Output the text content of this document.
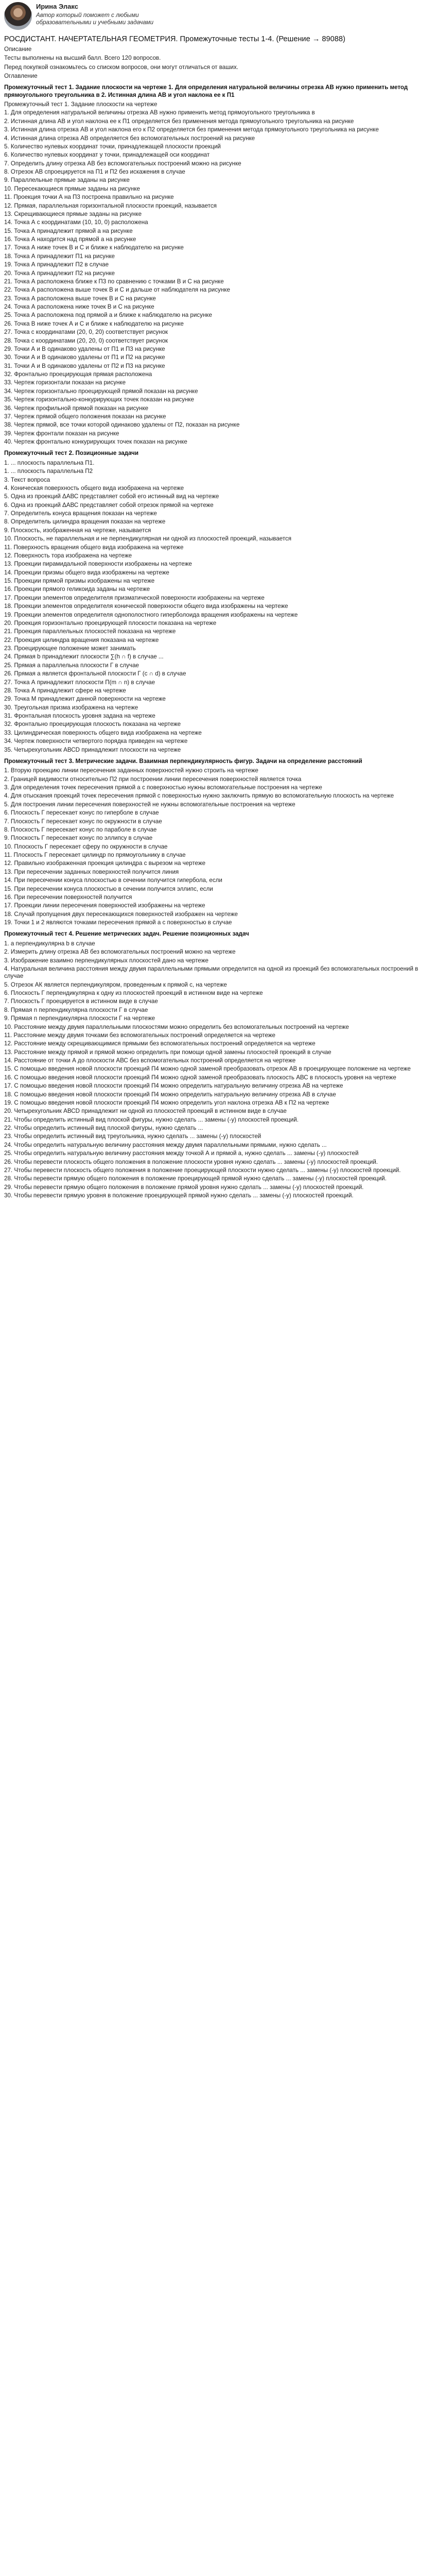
Ирина Элакс
Автор который поможет с любыми образовательными и учебными задачами
РОСДИСТАНТ. НАЧЕРТАТЕЛЬНАЯ ГЕОМЕТРИЯ. Промежуточные тесты 1-4. (Решение → 89088)
Описание
Тесты выполнены на высший балл. Всего 120 вопросов.
Перед покупкой ознакомьтесь со списком вопросов, они могут отличаться от ваших.
Оглавление
Промежуточный тест 1. Задание плоскости на чертеже 1. Для определения натуральной величины отрезка АВ нужно применить метод прямоугольного треугольника в 2. Истинная длина АВ и угол наклона ее к П1
Промежуточный тест 1. Задание плоскости на чертеже
1. Для определения натуральной величины отрезка АВ нужно применить метод прямоугольного треугольника в
2. Истинная длина АВ и угол наклона ее к П1 определяется без применения метода прямоугольного треугольника на рисунке
3. Истинная длина отрезка АВ и угол наклона его к П2 определяется без применения метода прямоугольного треугольника на рисунке
4. Истинная длина отрезка АВ определяется без вспомогательных построений на рисунке
5. Количество нулевых координат точки, принадлежащей плоскости проекций
6. Количество нулевых координат у точки, принадлежащей оси координат
7. Определить длину отрезка АВ без вспомогательных построений можно на рисунке
8. Отрезок АВ спроецируется на П1 и П2 без искажения в случае
9. Параллельные прямые заданы на рисунке
10. Пересекающиеся прямые заданы на рисунке
11. Проекция точки А на П3 построена правильно на рисунке
12. Прямая, параллельная горизонтальной плоскости проекций, называется
13. Скрещивающиеся прямые заданы на рисунке
14. Точка А с координатами (10, 10, 0) расположена
15. Точка А принадлежит прямой а на рисунке
16. Точка А находится над прямой а на рисунке
17. Точка А ниже точек В и С и ближе к наблюдателю на рисунке
18. Точка А принадлежит П1 на рисунке
19. Точка А принадлежит П2 в случае
20. Точка А принадлежит П2 на рисунке
21. Точка А расположена ближе к П3 по сравнению с точками В и С на рисунке
22. Точка А расположена выше точек В и С и дальше от наблюдателя на рисунке
23. Точка А расположена выше точек В и С на рисунке
24. Точка А расположена ниже точек В и С на рисунке
25. Точка А расположена под прямой а и ближе к наблюдателю на рисунке
26. Точка В ниже точек А и С и ближе к наблюдателю на рисунке
27. Точка с координатами (20, 0, 20) соответствует рисунок
28. Точка с координатами (20, 20, 0) соответствует рисунок
29. Точки А и В одинаково удалены от П1 и П3 на рисунке
30. Точки А и В одинаково удалены от П1 и П2 на рисунке
31. Точки А и В одинаково удалены от П2 и П3 на рисунке
32. Фронтально проецирующая прямая расположена
33. Чертеж горизонтали показан на рисунке
34. Чертеж горизонтально проецирующей прямой показан на рисунке
35. Чертеж горизонтально-конкурирующих точек показан на рисунке
36. Чертеж профильной прямой показан на рисунке
37. Чертеж прямой общего положения показан на рисунке
38. Чертеж прямой, все точки которой одинаково удалены от П2, показан на рисунке
39. Чертеж фронтали показан на рисунке
40. Чертеж фронтально конкурирующих точек показан на рисунке
Промежуточный тест 2. Позиционные задачи
1. ... плоскость параллельна П1.
1. ... плоскость параллельна П2
3. Текст вопроса
4. Коническая поверхность общего вида изображена на чертеже
5. Одна из проекций ΔАВС представляет собой его истинный вид на чертеже
6. Одна из проекций ΔАВС представляет собой отрезок прямой на чертеже
7. Определитель конуса вращения показан на чертеже
8. Определитель цилиндра вращения показан на чертеже
9. Плоскость, изображенная на чертеже, называется
10. Плоскость, не параллельная и не перпендикулярная ни одной из плоскостей проекций, называется
11. Поверхность вращения общего вида изображена на чертеже
12. Поверхность тора изображена на чертеже
13. Проекции пирамидальной поверхности изображены на чертеже
14. Проекции призмы общего вида изображены на чертеже
15. Проекции прямой призмы изображены на чертеже
16. Проекции прямого геликоида заданы на чертеже
17. Проекции элементов определителя призматической поверхности изображены на чертеже
18. Проекции элементов определителя конической поверхности общего вида изображены на чертеже
19. Проекции элементов определителя однополостного гиперболоида вращения изображены на чертеже
20. Проекция горизонтально проецирующей плоскости показана на чертеже
21. Проекция параллельных плоскостей показана на чертеже
22. Проекция цилиндра вращения показана на чертеже
23. Проецирующее положение может занимать
24. Прямая b принадлежит плоскости ∑(h ∩ f) в случае ...
25. Прямая а параллельна плоскости Г в случае
26. Прямая а является фронтальной плоскости Г (c ∩ d) в случае
27. Точка А принадлежит плоскости П(m ∩ n) в случае
28. Точка А принадлежит сфере на чертеже
29. Точка М принадлежит данной поверхности на чертеже
30. Треугольная призма изображена на чертеже
31. Фронтальная плоскость уровня задана на чертеже
32. Фронтально проецирующая плоскость показана на чертеже
33. Цилиндрическая поверхность общего вида изображена на чертеже
34. Чертеж поверхности четвертого порядка приведен на чертеже
35. Четырехугольник АВСD принадлежит плоскости на чертеже
Промежуточный тест 3. Метрические задачи. Взаимная перпендикулярность фигур. Задачи на определение расстояний
1. Вторую проекцию линии пересечения заданных поверхностей нужно строить на чертеже
2. Границей видимости относительно П2 при построении линии пересечения поверхностей является точка
3. Для определения точек пересечения прямой а с поверхностью нужны вспомогательные построения на чертеже
4. Для отыскания проекций точек пересечения прямой с поверхностью нужно заключить прямую во вспомогательную плоскость на чертеже
5. Для построения линии пересечения поверхностей не нужны вспомогательные построения на чертеже
6. Плоскость Г пересекает конус по гиперболе в случае
7. Плоскость Г пересекает конус по окружности в случае
8. Плоскость Г пересекает конус по параболе в случае
9. Плоскость Г пересекает конус по эллипсу в случае
10. Плоскость Г пересекает сферу по окружности в случае
11. Плоскость Г пересекает цилиндр по прямоугольнику в случае
12. Правильно изображенная проекция цилиндра с вырезом на чертеже
13. При пересечении заданных поверхностей получится линия
14. При пересечении конуса плоскостью в сечении получится гипербола, если
15. При пересечении конуса плоскостью в сечении получится эллипс, если
16. При пересечении поверхностей получится
17. Проекции линии пересечения поверхностей изображены на чертеже
18. Случай пропущения двух пересекающихся поверхностей изображен на чертеже
19. Точки 1 и 2 являются точками пересечения прямой а с поверхностью в случае
Промежуточный тест 4. Решение метрических задач. Решение позиционных задач
1. а перпендикулярна b в случае
2. Измерить длину отрезка АВ без вспомогательных построений можно на чертеже
3. Изображение взаимно перпендикулярных плоскостей дано на чертеже
4. Натуральная величина расстояния между двумя параллельными прямыми определится на одной из проекций без вспомогательных построений в случае
5. Отрезок АК является перпендикуляром, проведенным к прямой с, на чертеже
6. Плоскость Г перпендикулярна к одну из плоскостей проекций в истинном виде на чертеже
7. Плоскость Г проецируется в истинном виде в случае
8. Прямая n перпендикулярна плоскости Г в случае
9. Прямая n перпендикулярна плоскости Г на чертеже
10. Расстояние между двумя параллельными плоскостями можно определить без вспомогательных построений на чертеже
11. Расстояние между двумя точками без вспомогательных построений определяется на чертеже
12. Расстояние между скрещивающимися прямыми без вспомогательных построений определяется на чертеже
13. Расстояние между прямой и прямой можно определить при помощи одной замены плоскостей проекций в случае
14. Расстояние от точки А до плоскости АВС без вспомогательных построений определяется на чертеже
15. С помощью введения новой плоскости проекций П4 можно одной заменой преобразовать отрезок АВ в проецирующее положение на чертеже
16. С помощью введения новой плоскости проекций П4 можно одной заменой преобразовать плоскость АВС в плоскость уровня на чертеже
17. С помощью введения новой плоскости проекций П4 можно определить натуральную величину отрезка АВ на чертеже
18. С помощью введения новой плоскости проекций П4 можно определить натуральную величину отрезка АВ в случае
19. С помощью введения новой плоскости проекций П4 можно определить угол наклона отрезка АВ к П2 на чертеже
20. Четырехугольник АВСD принадлежит ни одной из плоскостей проекций в истинном виде в случае
21. Чтобы определить истинный вид плоской фигуры, нужно сделать ... замены (-у) плоскостей проекций.
22. Чтобы определить истинный вид плоской фигуры, нужно сделать ...
23. Чтобы определить истинный вид треугольника, нужно сделать ... замены (-у) плоскостей
24. Чтобы определить натуральную величину расстояния между двумя параллельными прямыми, нужно сделать ...
25. Чтобы определить натуральную величину расстояния между точкой А и прямой а, нужно сделать ... замены (-у) плоскостей
26. Чтобы перевести плоскость общего положения в положение плоскости уровня нужно сделать ... замены (-у) плоскостей проекций.
27. Чтобы перевести плоскость общего положения в положение проецирующей плоскости нужно сделать ... замены (-у) плоскостей проекций.
28. Чтобы перевести прямую общего положения в положение проецирующей прямой нужно сделать ... замены (-у) плоскостей проекций.
29. Чтобы перевести прямую общего положения в положение прямой уровня нужно сделать ... замены (-у) плоскостей проекций.
30. Чтобы перевести прямую уровня в положение проецирующей прямой нужно сделать ... замены (-у) плоскостей проекций.
